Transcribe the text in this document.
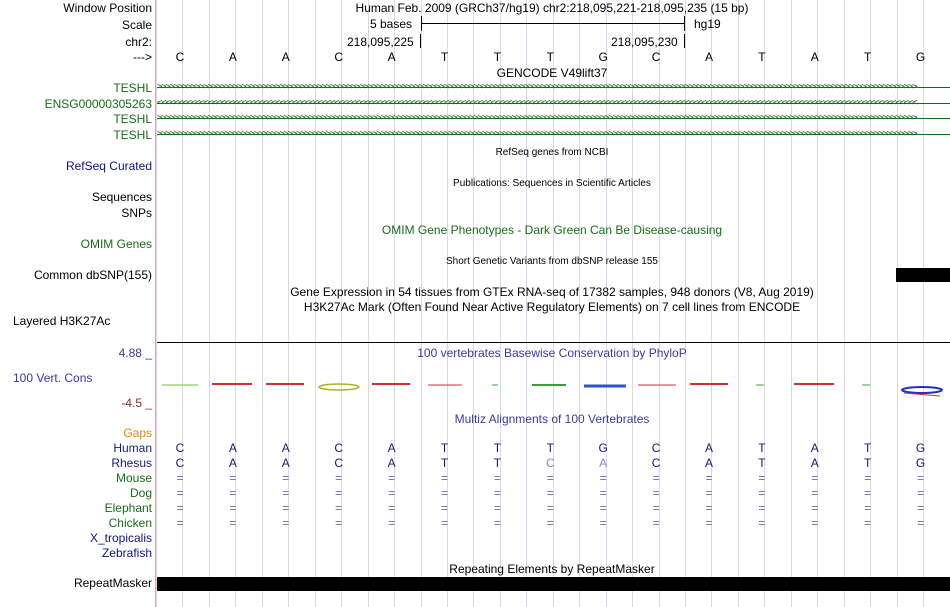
Window Position	Human Feb. 2009 (GRCh37/hg19) chr2:218,095,221-218,095,235 (15 bp)
Scale	5 bases	hg19
chr2:	218,095,225	218,095,230
--->	C	A	A	C	A	T	T	T	G	C	A	T	A	T	G
GENCODE V49lift37
TESHL >>>>>>>>>>>>>>>>>>>>>>>>>>>>>>>>>>>>>>>>>>>>>>>>>>>>>>>>>>>>>>>>>>>>>>>>>>>>>>>>>>>>>>>>>>>>>>>>>>>>>>>>>>>>>>>>>>>>>>>>>>>>>>>>>>>>>>>>>>>>>>>>>>>>>>>>>>>>>>>>>>>>>>>>>>>>>>>>>>>>
ENSG00000305263 <<<<<<<<<<<<<<<<<<<<<<<<<<<<<<<<<<<<<<<<<<<<<<<<<<<<<<<<<<<<<<<<<<<<<<<<<<<<<<<<<<<<<<<<<<<<<<<<<<<<<<<<<<<<<<<<<<<<<<<<<<<<<<<<<<<<<<<<<<<<<<<<<<<<<<<<<<<<<<<<<<<<<<<<<<<<<<<<<<<<
TESHL >>>>>>>>>>>>>>>>>>>>>>>>>>>>>>>>>>>>>>>>>>>>>>>>>>>>>>>>>>>>>>>>>>>>>>>>>>>>>>>>>>>>>>>>>>>>>>>>>>>>>>>>>>>>>>>>>>>>>>>>>>>>>>>>>>>>>>>>>>>>>>>>>>>>>>>>>>>>>>>>>>>>>>>>>>>>>>>>>>>>
TESHL >>>>>>>>>>>>>>>>>>>>>>>>>>>>>>>>>>>>>>>>>>>>>>>>>>>>>>>>>>>>>>>>>>>>>>>>>>>>>>>>>>>>>>>>>>>>>>>>>>>>>>>>>>>>>>>>>>>>>>>>>>>>>>>>>>>>>>>>>>>>>>>>>>>>>>>>>>>>>>>>>>>>>>>>>>>>>>>>>>>>
RefSeq genes from NCBI
RefSeq Curated
Publications: Sequences in Scientific Articles
Sequences
SNPs
OMIM Gene Phenotypes - Dark Green Can Be Disease-causing
OMIM Genes
Short Genetic Variants from dbSNP release 155
Common dbSNP(155)
Gene Expression in 54 tissues from GTEx RNA-seq of 17382 samples, 948 donors (V8, Aug 2019)
H3K27Ac Mark (Often Found Near Active Regulatory Elements) on 7 cell lines from ENCODE
Layered H3K27Ac
4.88 _	100 vertebrates Basewise Conservation by PhyloP
100 Vert. Cons
-4.5 _
Multiz Alignments of 100 Vertebrates
Gaps
Human	C	A	A	C	A	T	T	T	G	C	A	T	A	T	G
Rhesus	C	A	A	C	A	T	T	C	A	C	A	T	A	T	G
Mouse	=	=	=	=	=	=	=	=	=	=	=	=	=	=	=
Dog	=	=	=	=	=	=	=	=	=	=	=	=	=	=	=
Elephant	=	=	=	=	=	=	=	=	=	=	=	=	=	=	=
Chicken	=	=	=	=	=	=	=	=	=	=	=	=	=	=	=
X_tropicalis
Zebrafish
Repeating Elements by RepeatMasker
RepeatMasker
